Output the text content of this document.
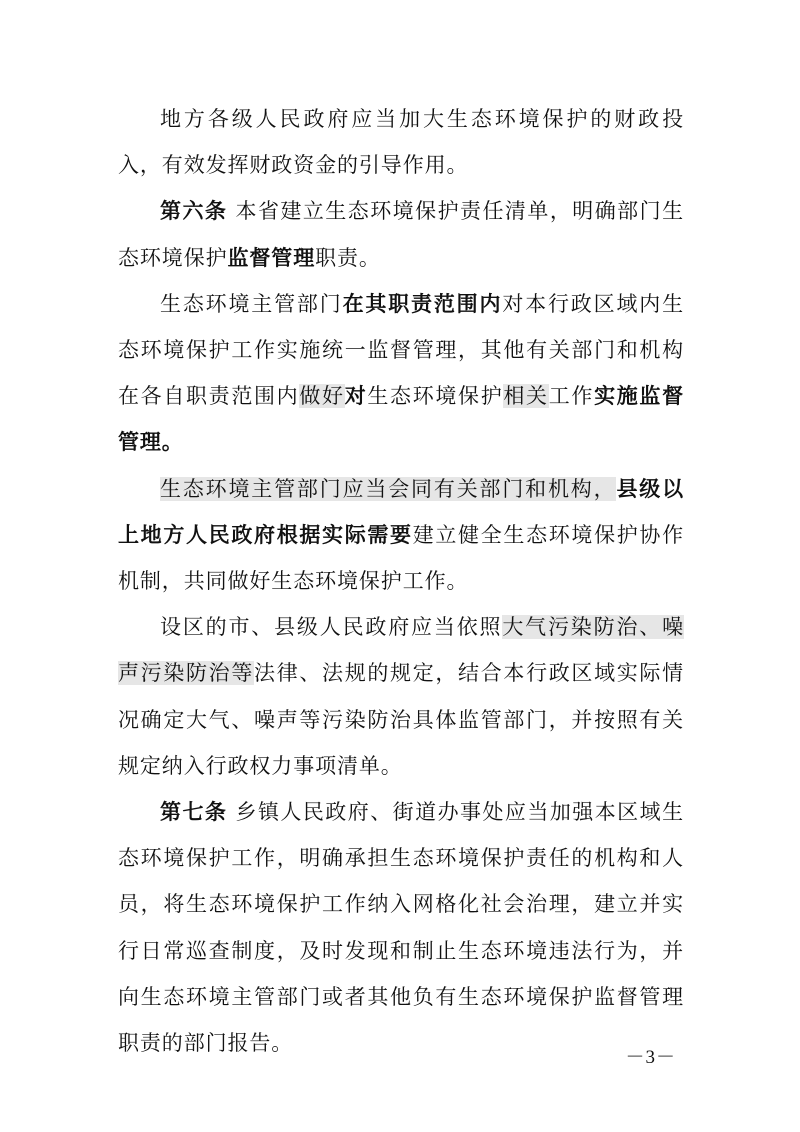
地方各级人民政府应当加大生态环境保护的财政投入，有效发挥财政资金的引导作用。

第六条 本省建立生态环境保护责任清单，明确部门生态环境保护监督管理职责。

生态环境主管部门在其职责范围内对本行政区域内生态环境保护工作实施统一监督管理，其他有关部门和机构在各自职责范围内做好对生态环境保护相关工作实施监督管理。

生态环境主管部门应当会同有关部门和机构，县级以上地方人民政府根据实际需要建立健全生态环境保护协作机制，共同做好生态环境保护工作。

设区的市、县级人民政府应当依照大气污染防治、噪声污染防治等法律、法规的规定，结合本行政区域实际情况确定大气、噪声等污染防治具体监管部门，并按照有关规定纳入行政权力事项清单。

第七条 乡镇人民政府、街道办事处应当加强本区域生态环境保护工作，明确承担生态环境保护责任的机构和人员，将生态环境保护工作纳入网格化社会治理，建立并实行日常巡查制度，及时发现和制止生态环境违法行为，并向生态环境主管部门或者其他负有生态环境保护监督管理职责的部门报告。

－3－
